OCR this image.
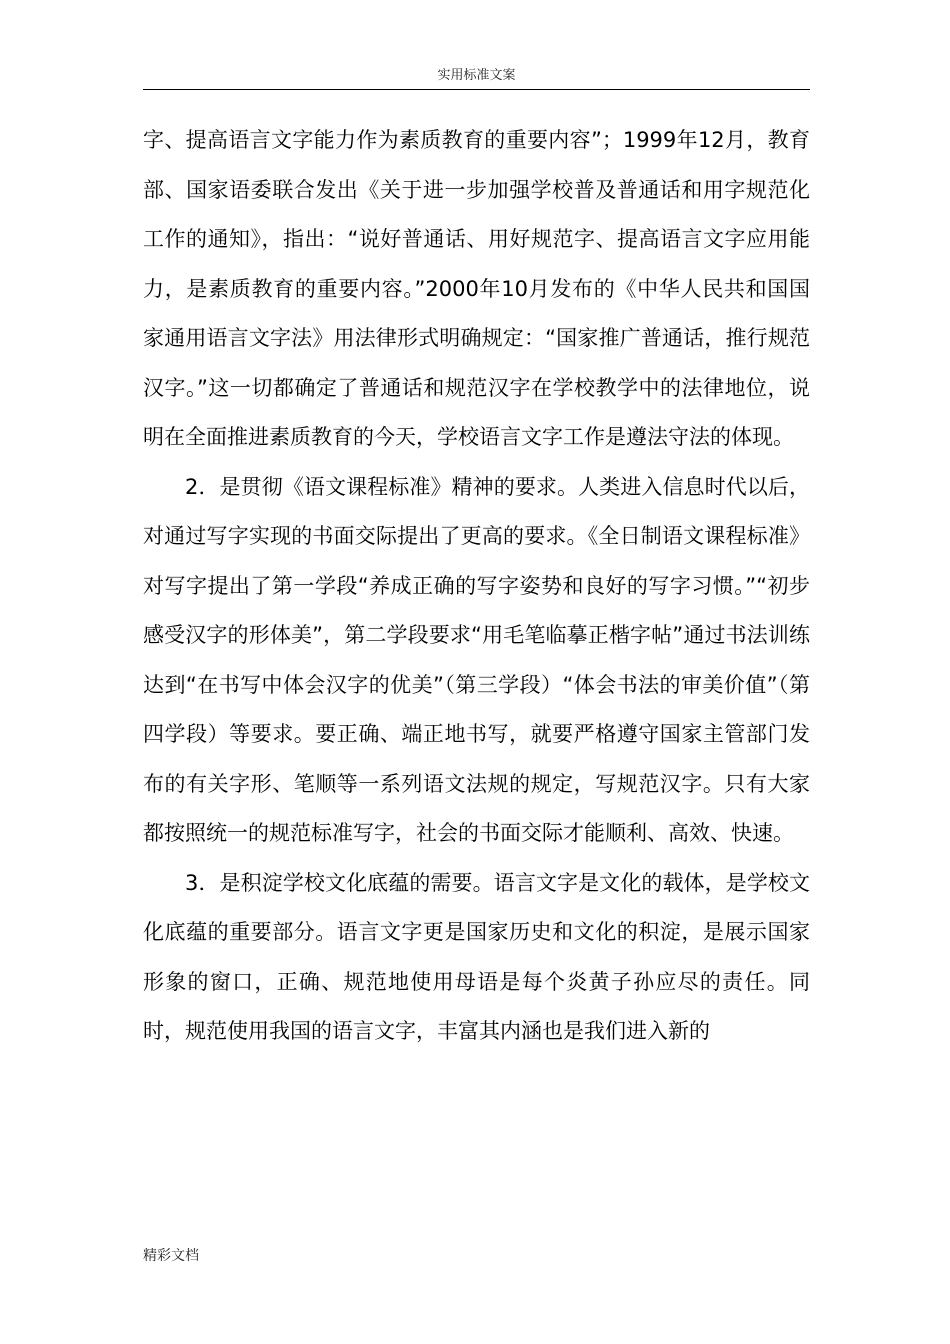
实用标准文案

字、提高语言文字能力作为素质教育的重要内容”；1999年12月，教育部、国家语委联合发出《关于进一步加强学校普及普通话和用字规范化工作的通知》，指出：“说好普通话、用好规范字、提高语言文字应用能力，是素质教育的重要内容。”2000年10月发布的《中华人民共和国国家通用语言文字法》用法律形式明确规定：“国家推广普通话，推行规范汉字。”这一切都确定了普通话和规范汉字在学校教学中的法律地位，说明在全面推进素质教育的今天，学校语言文字工作是遵法守法的体现。

2．是贯彻《语文课程标准》精神的要求。人类进入信息时代以后，对通过写字实现的书面交际提出了更高的要求。《全日制语文课程标准》对写字提出了第一学段“养成正确的写字姿势和良好的写字习惯。”“初步感受汉字的形体美”，第二学段要求“用毛笔临摹正楷字帖”通过书法训练达到“在书写中体会汉字的优美”（第三学段）“体会书法的审美价值”（第四学段）等要求。要正确、端正地书写，就要严格遵守国家主管部门发布的有关字形、笔顺等一系列语文法规的规定，写规范汉字。只有大家都按照统一的规范标准写字，社会的书面交际才能顺利、高效、快速。

3．是积淀学校文化底蕴的需要。语言文字是文化的载体，是学校文化底蕴的重要部分。语言文字更是国家历史和文化的积淀，是展示国家形象的窗口，正确、规范地使用母语是每个炎黄子孙应尽的责任。同时，规范使用我国的语言文字，丰富其内涵也是我们进入新的

精彩文档
